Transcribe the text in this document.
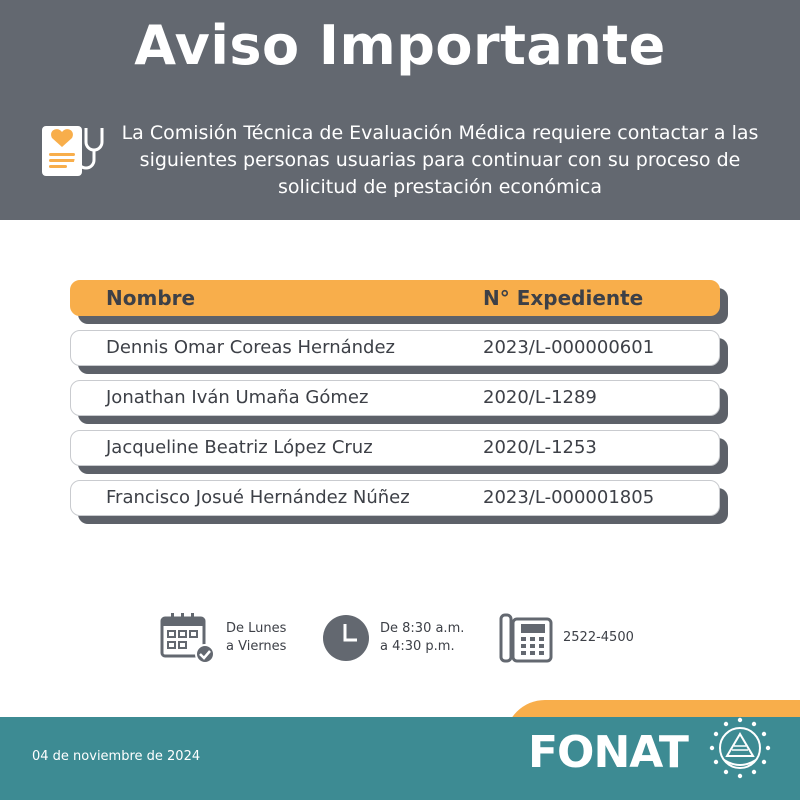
Aviso Importante
La Comisión Técnica de Evaluación Médica requiere contactar a las siguientes personas usuarias para continuar con su proceso de solicitud de prestación económica
Nombre	N° Expediente
Dennis Omar Coreas Hernández	2023/L-000000601
Jonathan Iván Umaña Gómez	2020/L-1289
Jacqueline Beatriz López Cruz	2020/L-1253
Francisco Josué Hernández Núñez	2023/L-000001805
De Lunes
a Viernes
De 8:30 a.m.
a 4:30 p.m.
2522-4500
04 de noviembre de 2024	FONAT
